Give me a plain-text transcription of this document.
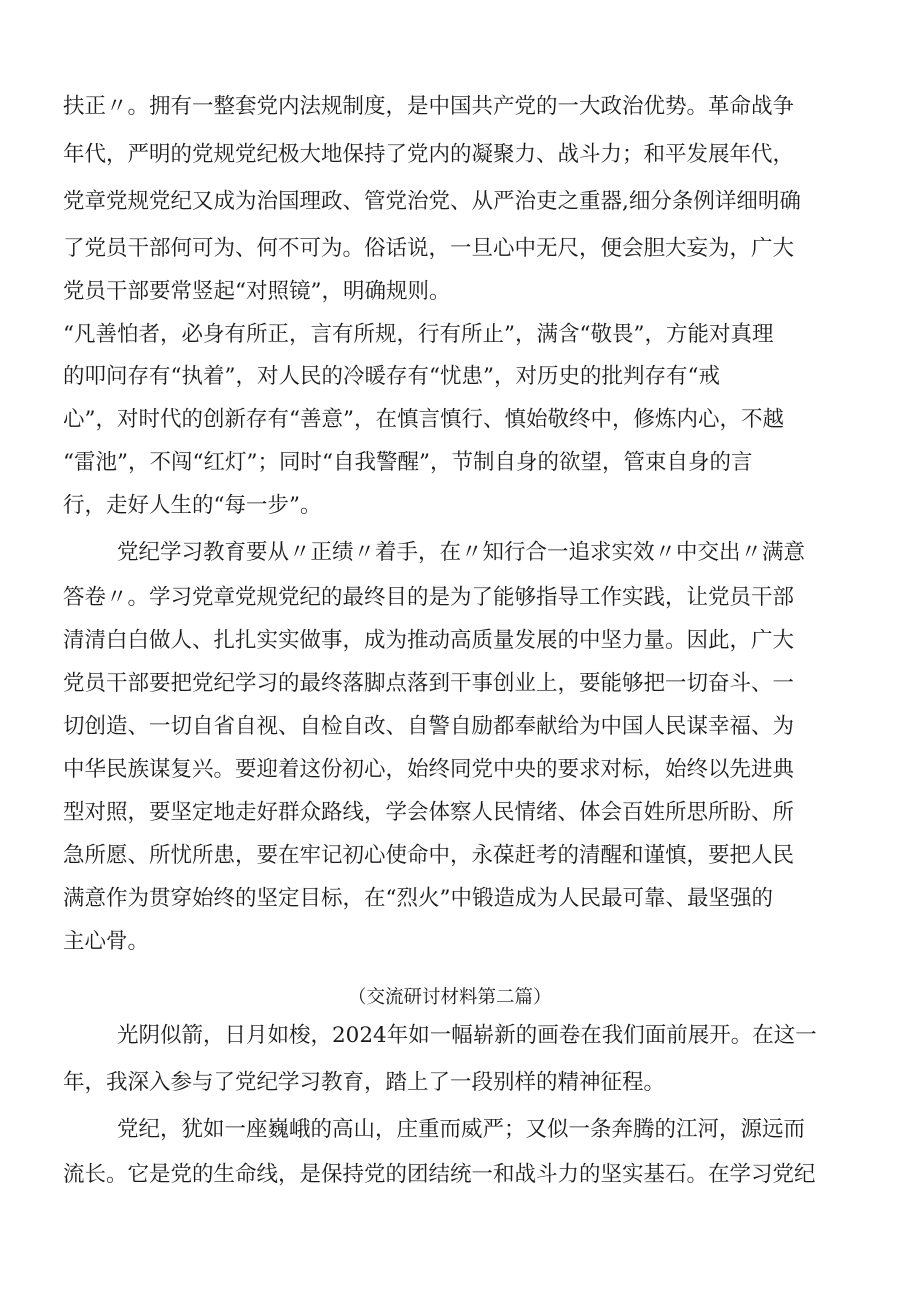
扶正〃。拥有一整套党内法规制度，是中国共产党的一大政治优势。革命战争
年代，严明的党规党纪极大地保持了党内的凝聚力、战斗力；和平发展年代，
党章党规党纪又成为治国理政、管党治党、从严治吏之重器,细分条例详细明确
了党员干部何可为、何不可为。俗话说，一旦心中无尺，便会胆大妄为，广大
党员干部要常竖起“对照镜”，明确规则。
“凡善怕者，必身有所正，言有所规，行有所止”，满含“敬畏”，方能对真理
的叩问存有“执着”，对人民的冷暖存有“忧患”，对历史的批判存有“戒
心”，对时代的创新存有“善意”，在慎言慎行、慎始敬终中，修炼内心，不越
“雷池”，不闯“红灯”；同时“自我警醒”，节制自身的欲望，管束自身的言
行，走好人生的“每一步”。
党纪学习教育要从〃正绩〃着手，在〃知行合一追求实效〃中交出〃满意
答卷〃。学习党章党规党纪的最终目的是为了能够指导工作实践，让党员干部
清清白白做人、扎扎实实做事，成为推动高质量发展的中坚力量。因此，广大
党员干部要把党纪学习的最终落脚点落到干事创业上，要能够把一切奋斗、一
切创造、一切自省自视、自检自改、自警自励都奉献给为中国人民谋幸福、为
中华民族谋复兴。要迎着这份初心，始终同党中央的要求对标，始终以先进典
型对照，要坚定地走好群众路线，学会体察人民情绪、体会百姓所思所盼、所
急所愿、所忧所患，要在牢记初心使命中，永葆赶考的清醒和谨慎，要把人民
满意作为贯穿始终的坚定目标，在“烈火”中锻造成为人民最可靠、最坚强的
主心骨。
（交流研讨材料第二篇）
光阴似箭，日月如梭，2024年如一幅崭新的画卷在我们面前展开。在这一
年，我深入参与了党纪学习教育，踏上了一段别样的精神征程。
党纪，犹如一座巍峨的高山，庄重而威严；又似一条奔腾的江河，源远而
流长。它是党的生命线，是保持党的团结统一和战斗力的坚实基石。在学习党纪
